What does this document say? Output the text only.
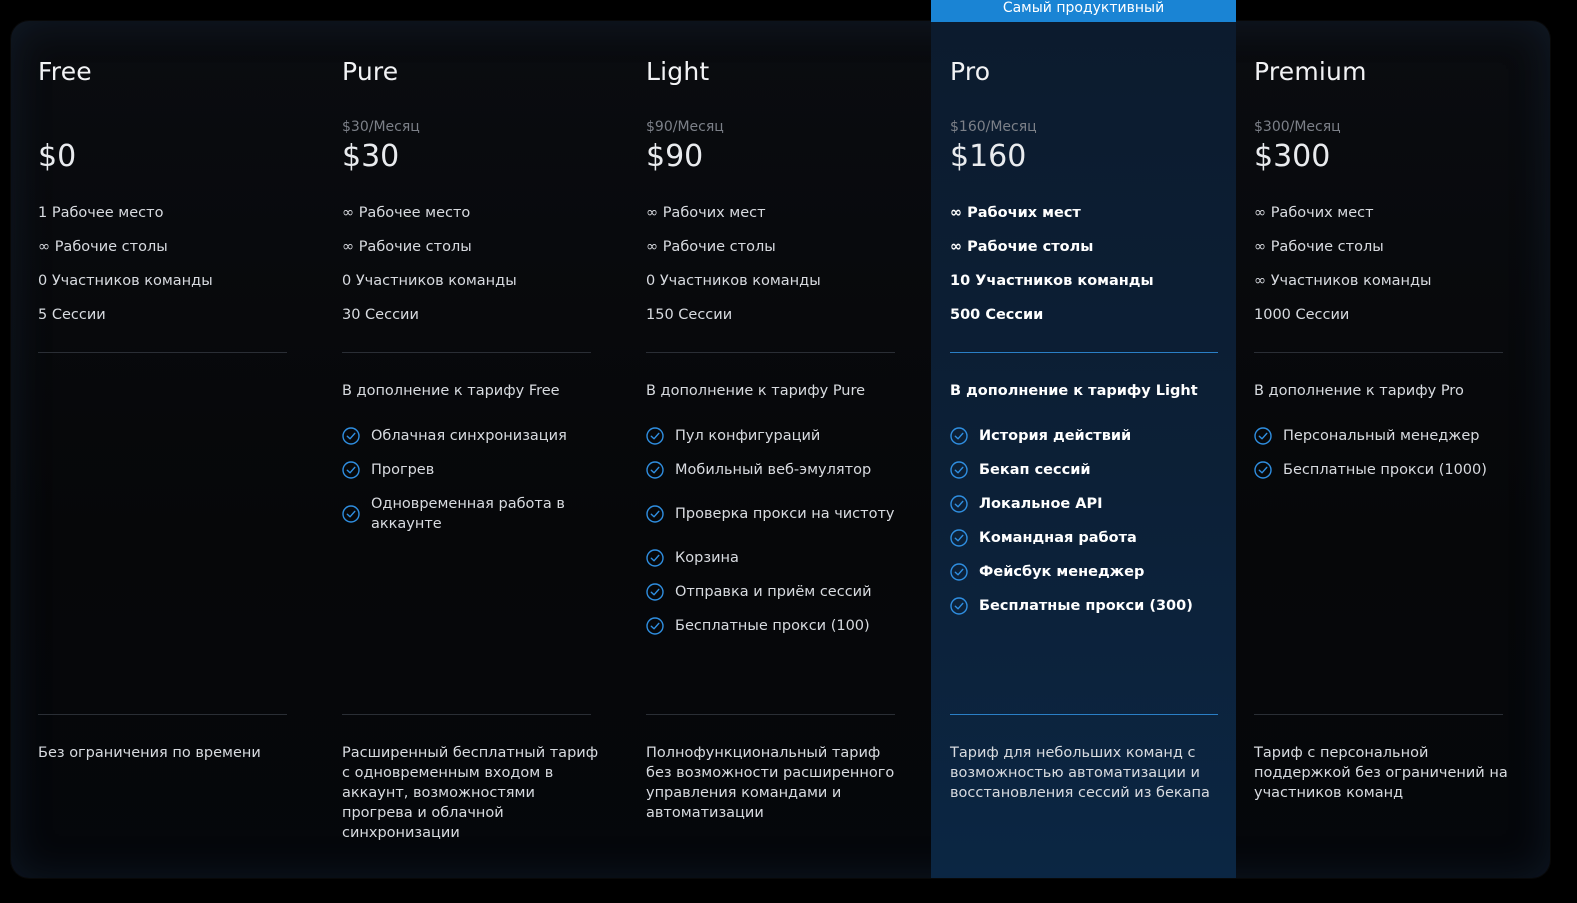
Free
$0
1 Рабочее место
∞ Рабочие столы
0 Участников команды
5 Сессии
Без ограничения по времени
Pure
$30/Месяц
$30
∞ Рабочее место
∞ Рабочие столы
0 Участников команды
30 Сессии
В дополнение к тарифу Free
Облачная синхронизация
Прогрев
Одновременная работа в аккаунте
Расширенный бесплатный тариф с одновременным входом в аккаунт, возможностями прогрева и облачной синхронизации
Light
$90/Месяц
$90
∞ Рабочих мест
∞ Рабочие столы
0 Участников команды
150 Сессии
В дополнение к тарифу Pure
Пул конфигураций
Мобильный веб-эмулятор
Проверка прокси на чистоту
Корзина
Отправка и приём сессий
Бесплатные прокси (100)
Полнофункциональный тариф без возможности расширенного управления командами и автоматизации
Pro
$160/Месяц
$160
∞ Рабочих мест
∞ Рабочие столы
10 Участников команды
500 Сессии
В дополнение к тарифу Light
История действий
Бекап сессий
Локальное API
Командная работа
Фейсбук менеджер
Бесплатные прокси (300)
Тариф для небольших команд с возможностью автоматизации и восстановления сессий из бекапа
Самый продуктивный
Premium
$300/Месяц
$300
∞ Рабочих мест
∞ Рабочие столы
∞ Участников команды
1000 Сессии
В дополнение к тарифу Pro
Персональный менеджер
Бесплатные прокси (1000)
Тариф с персональной поддержкой без ограничений на участников команд
